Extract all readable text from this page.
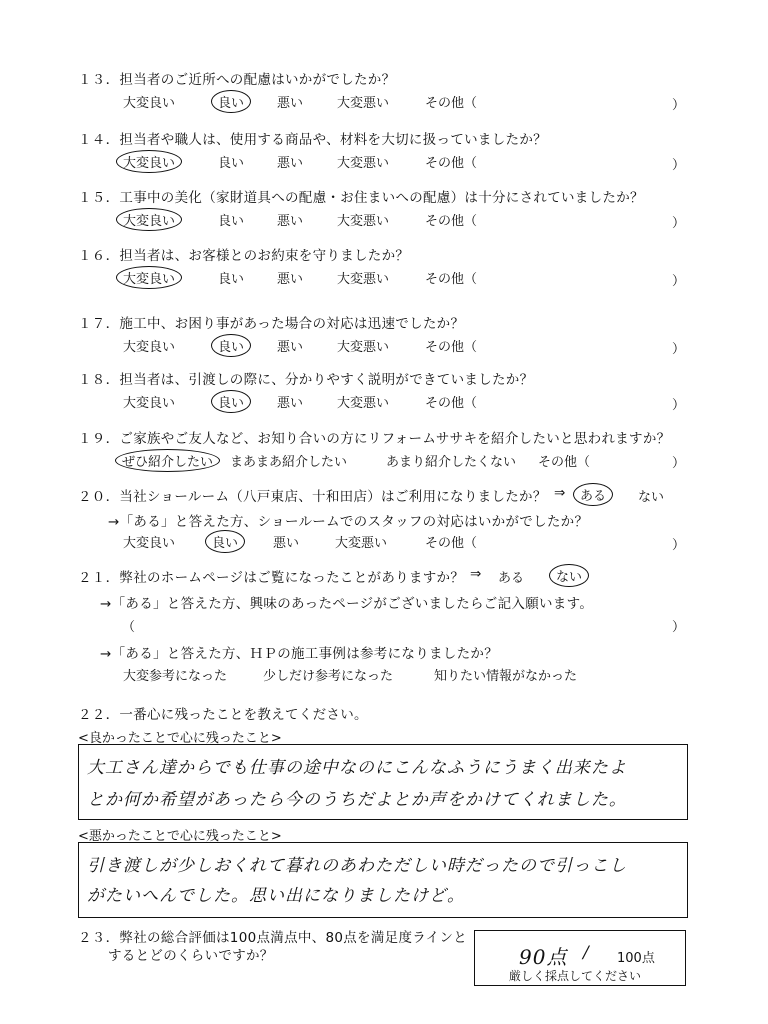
１３．担当者のご近所への配慮はいかがでしたか？
大変良い	良い	悪い	大変悪い	その他（	）
１４．担当者や職人は、使用する商品や、材料を大切に扱っていましたか？
大変良い	良い	悪い	大変悪い	その他（	）
１５．工事中の美化（家財道具への配慮・お住まいへの配慮）は十分にされていましたか？
大変良い	良い	悪い	大変悪い	その他（	）
１６．担当者は、お客様とのお約束を守りましたか？
大変良い	良い	悪い	大変悪い	その他（	）
１７．施工中、お困り事があった場合の対応は迅速でしたか？
大変良い	良い	悪い	大変悪い	その他（	）
１８．担当者は、引渡しの際に、分かりやすく説明ができていましたか？
大変良い	良い	悪い	大変悪い	その他（	）
１９．ご家族やご友人など、お知り合いの方にリフォームササキを紹介したいと思われますか？
ぜひ紹介したい	まあまあ紹介したい	あまり紹介したくない その他（	）
２０．当社ショールーム（八戸東店、十和田店）はご利用になりましたか？ ⇒	ある	ない
→「ある」と答えた方、ショールームでのスタッフの対応はいかがでしたか？
大変良い	良い	悪い	大変悪い	その他（	）
２１．弊社のホームページはご覧になったことがありますか？ ⇒ ある	ない
→「ある」と答えた方、興味のあったページがございましたらご記入願います。
（	）
→「ある」と答えた方、ＨＰの施工事例は参考になりましたか？
大変参考になった	少しだけ参考になった	知りたい情報がなかった
２２．一番心に残ったことを教えてください。
<良かったことで心に残ったこと>
大工さん達からでも仕事の途中なのにこんなふうにうまく出来たよ
とか何か希望があったら今のうちだよとか声をかけてくれました。
<悪かったことで心に残ったこと>
引き渡しが少しおくれて暮れのあわただしい時だったので引っこし
がたいへんでした。思い出になりましたけど。
２３．弊社の総合評価は100点満点中、80点を満足度ラインと
するとどのくらいですか？	90点 / 100点
厳しく採点してください
